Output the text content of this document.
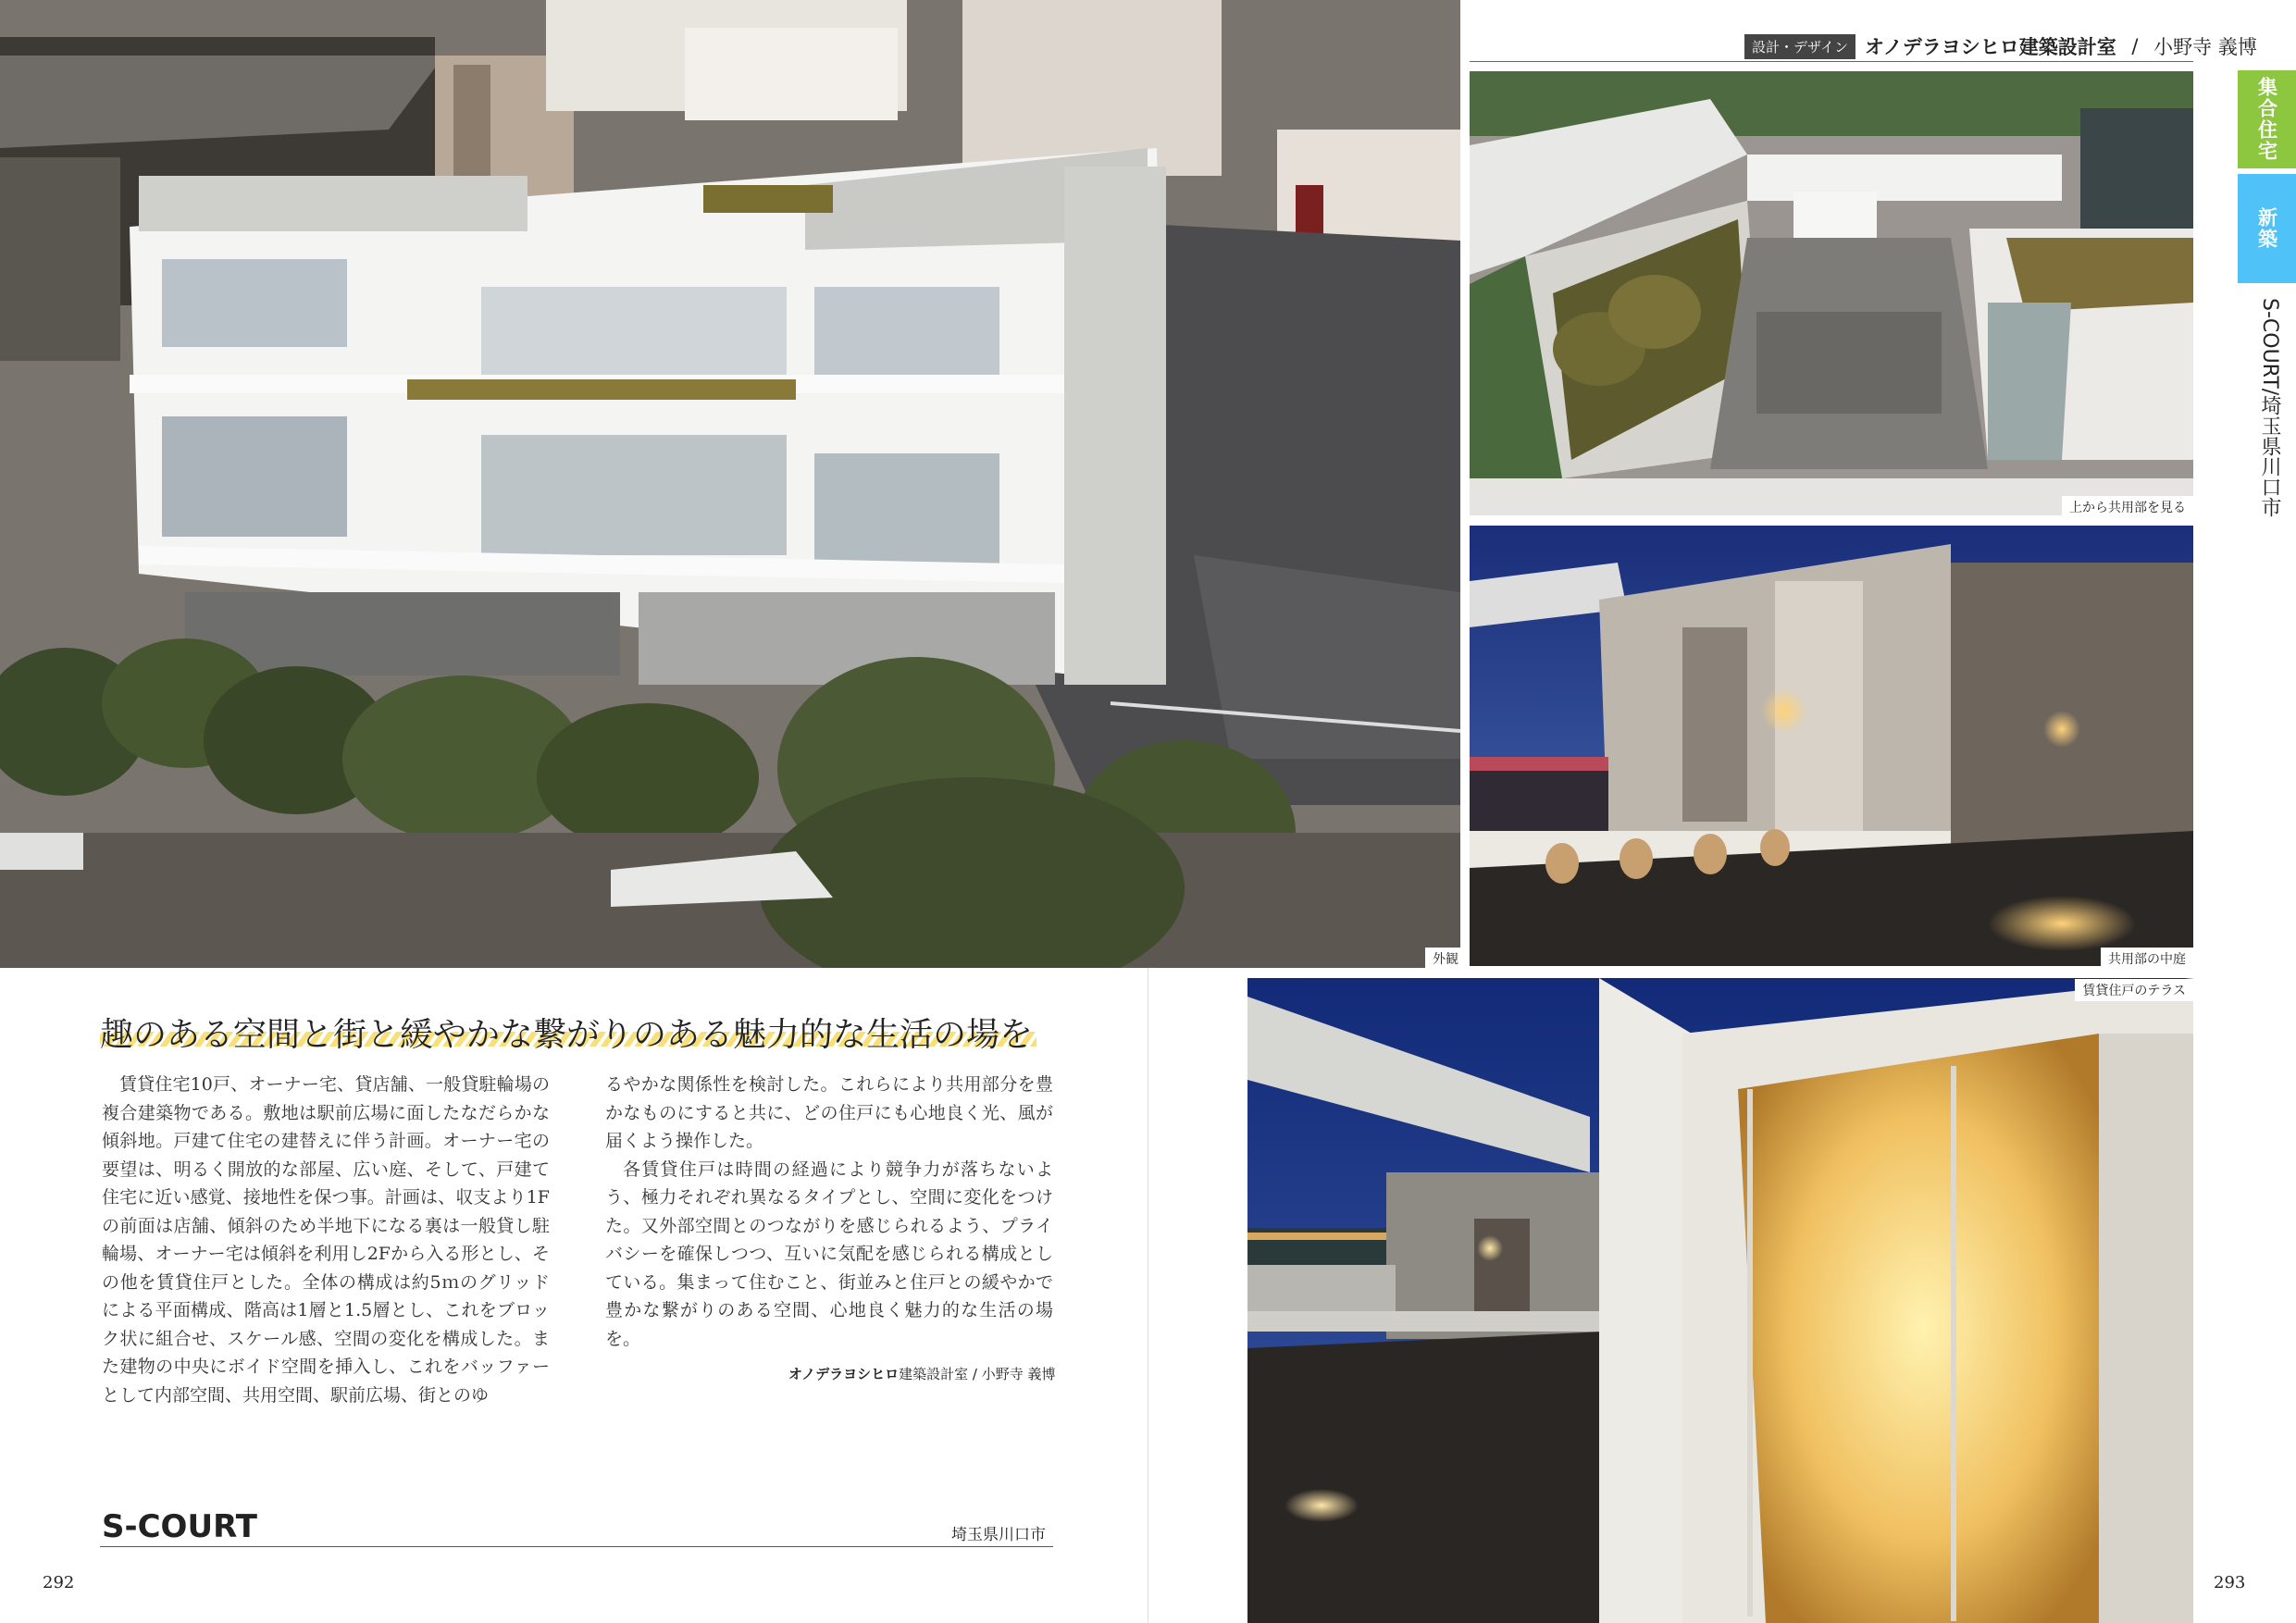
外観
設計・デザイン オノデラヨシヒロ建築設計室 / 小野寺 義博
集合住宅
新築
S-COURT/埼玉県川口市
上から共用部を見る
共用部の中庭
賃貸住戸のテラス
趣のある空間と街と緩やかな繋がりのある魅力的な生活の場を

賃貸住宅10戸、オーナー宅、貸店舗、一般貸駐輪場の複合建築物である。敷地は駅前広場に面したなだらかな傾斜地。戸建て住宅の建替えに伴う計画。オーナー宅の要望は、明るく開放的な部屋、広い庭、そして、戸建て住宅に近い感覚、接地性を保つ事。計画は、収支より1Fの前面は店舗、傾斜のため半地下になる裏は一般貸し駐輪場、オーナー宅は傾斜を利用し2Fから入る形とし、その他を賃貸住戸とした。全体の構成は約5ｍのグリッドによる平面構成、階高は1層と1.5層とし、これをブロック状に組合せ、スケール感、空間の変化を構成した。また建物の中央にボイド空間を挿入し、これをバッファーとして内部空間、共用空間、駅前広場、街とのゆ

るやかな関係性を検討した。これらにより共用部分を豊かなものにすると共に、どの住戸にも心地良く光、風が届くよう操作した。

各賃貸住戸は時間の経過により競争力が落ちないよう、極力それぞれ異なるタイプとし、空間に変化をつけた。又外部空間とのつながりを感じられるよう、プライバシーを確保しつつ、互いに気配を感じられる構成としている。集まって住むこと、街並みと住戸との緩やかで豊かな繋がりのある空間、心地良く魅力的な生活の場を。

オノデラヨシヒロ建築設計室 / 小野寺 義博
S-COURT	埼玉県川口市
292	293
